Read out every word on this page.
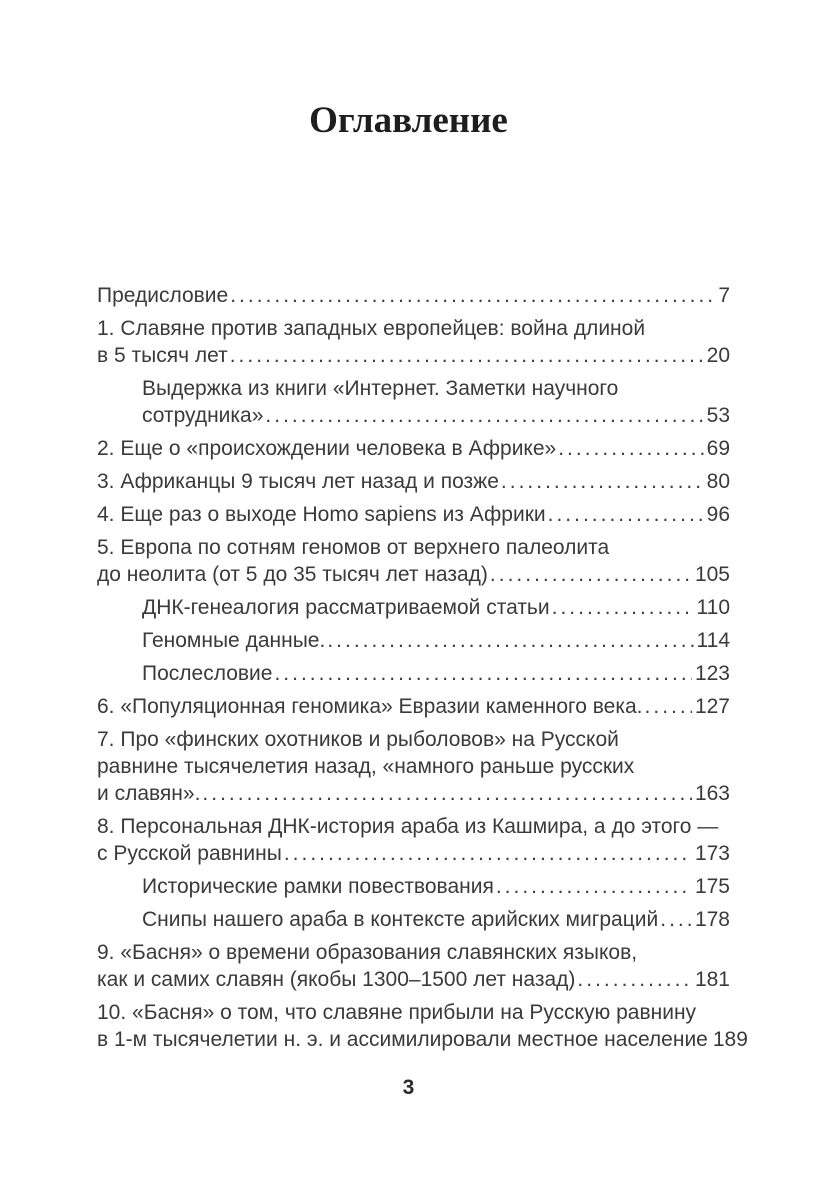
Оглавление
Предисловие .....	7
1. Славяне против западных европейцев: война длиной
в 5 тысяч лет .....	20
Выдержка из книги «Интернет. Заметки научного
сотрудника» .....	53
2. Еще о «происхождении человека в Африке» .....	69
3. Африканцы 9 тысяч лет назад и позже .....	80
4. Еще раз о выходе Homo sapiens из Африки .....	96
5. Европа по сотням геномов от верхнего палеолита
до неолита (от 5 до 35 тысяч лет назад) .....	105
ДНК-генеалогия рассматриваемой статьи .....	110
Геномные данные. .....	114
Послесловие .....	123
6. «Популяционная геномика» Евразии каменного века. ..... 127
7. Про «финских охотников и рыболовов» на Русской
равнине тысячелетия назад, «намного раньше русских
и славян». .....	163
8. Персональная ДНК-история араба из Кашмира, а до этого —
с Русской равнины .....	173
Исторические рамки повествования .....	175
Снипы нашего араба в контексте арийских миграций ..... 178
9. «Басня» о времени образования славянских языков,
как и самих славян (якобы 1300–1500 лет назад) .....	181
10. «Басня» о том, что славяне прибыли на Русскую равнину
в 1-м тысячелетии н. э. и ассимилировали местное население ..... 189
3
